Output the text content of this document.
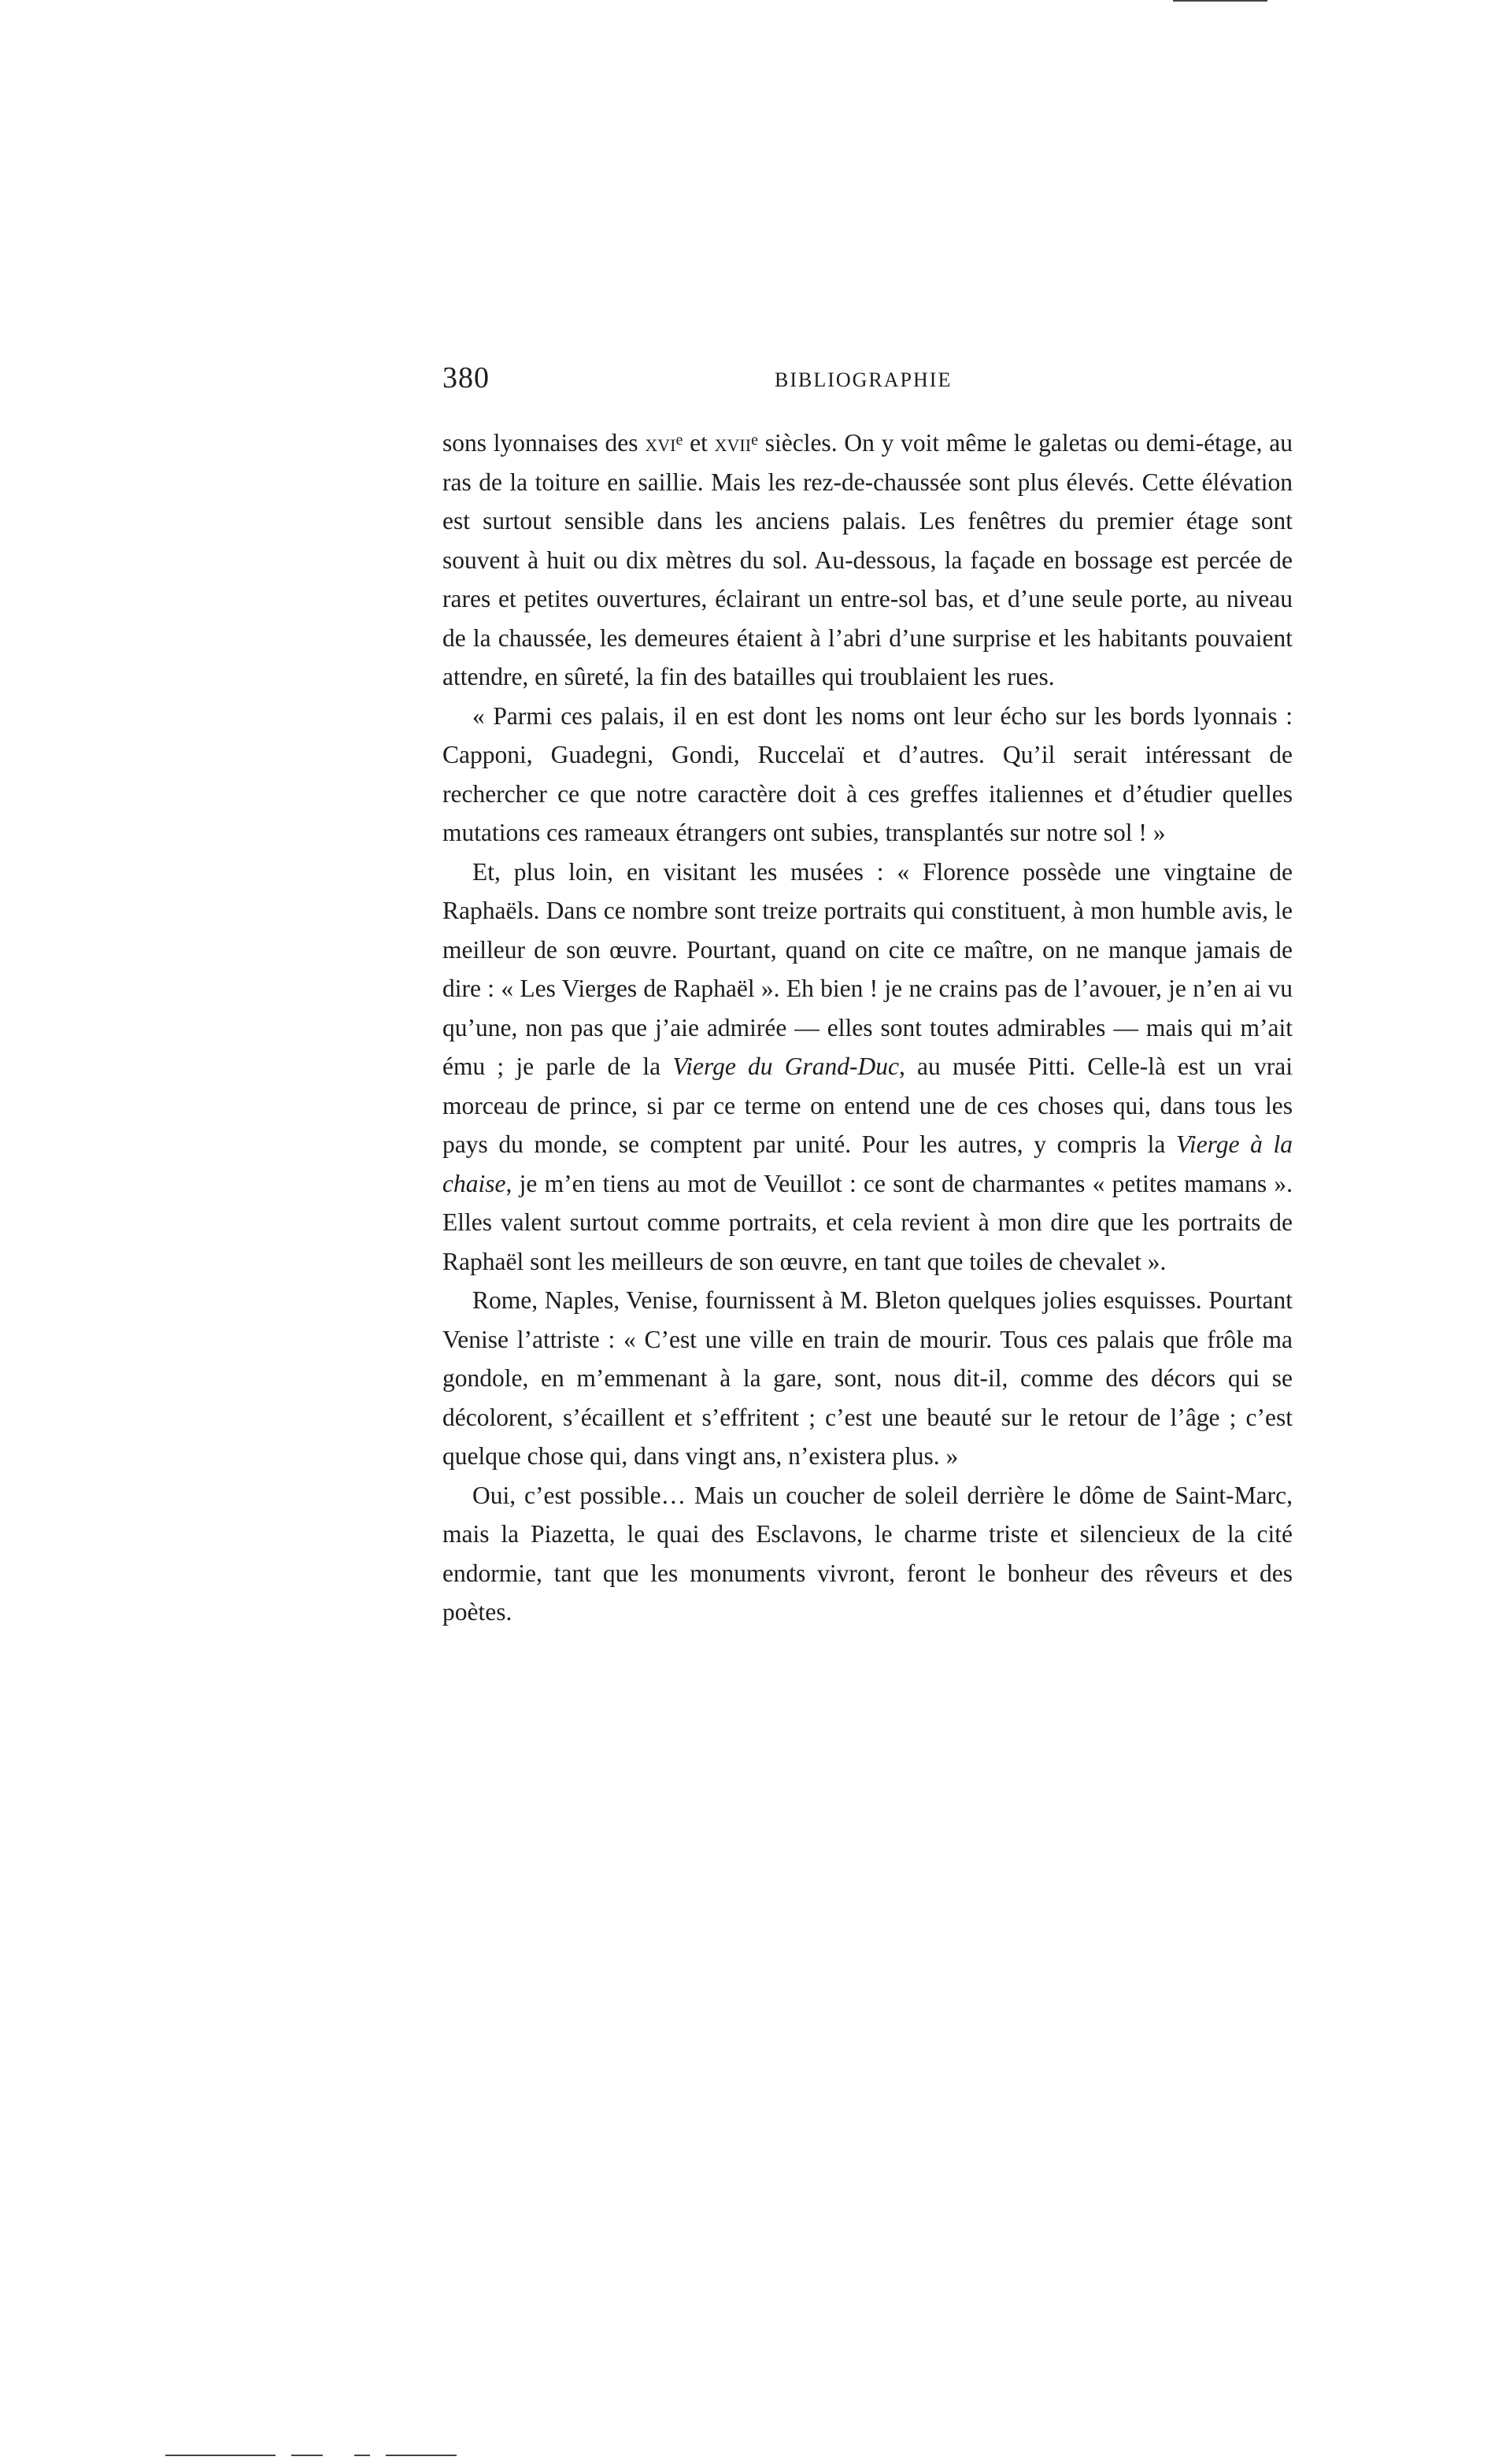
380	BIBLIOGRAPHIE

sons lyonnaises des xvi$^e$ et xvii$^e$ siècles. On y voit même le galetas ou demi-étage, au ras de la toiture en saillie. Mais les rez-de-chaussée sont plus élevés. Cette élévation est surtout sensible dans les anciens palais. Les fenêtres du premier étage sont souvent à huit ou dix mètres du sol. Au-dessous, la façade en bossage est percée de rares et petites ouvertures, éclairant un entre-sol bas, et d’une seule porte, au niveau de la chaussée, les demeures étaient à l’abri d’une surprise et les habitants pouvaient attendre, en sûreté, la fin des batailles qui troublaient les rues.

« Parmi ces palais, il en est dont les noms ont leur écho sur les bords lyonnais : Capponi, Guadegni, Gondi, Ruccelaï et d’autres. Qu’il serait intéressant de rechercher ce que notre caractère doit à ces greffes italiennes et d’étudier quelles mutations ces rameaux étrangers ont subies, transplantés sur notre sol ! »

Et, plus loin, en visitant les musées : « Florence possède une vingtaine de Raphaëls. Dans ce nombre sont treize portraits qui constituent, à mon humble avis, le meilleur de son œuvre. Pourtant, quand on cite ce maître, on ne manque jamais de dire : « Les Vierges de Raphaël ». Eh bien ! je ne crains pas de l’avouer, je n’en ai vu qu’une, non pas que j’aie admirée — elles sont toutes admirables — mais qui m’ait ému ; je parle de la Vierge du Grand-Duc, au musée Pitti. Celle-là est un vrai morceau de prince, si par ce terme on entend une de ces choses qui, dans tous les pays du monde, se comptent par unité. Pour les autres, y compris la Vierge à la chaise, je m’en tiens au mot de Veuillot : ce sont de charmantes « petites mamans ». Elles valent surtout comme portraits, et cela revient à mon dire que les portraits de Raphaël sont les meilleurs de son œuvre, en tant que toiles de chevalet ».

Rome, Naples, Venise, fournissent à M. Bleton quelques jolies esquisses. Pourtant Venise l’attriste : « C’est une ville en train de mourir. Tous ces palais que frôle ma gondole, en m’emmenant à la gare, sont, nous dit-il, comme des décors qui se décolorent, s’écaillent et s’effritent ; c’est une beauté sur le retour de l’âge ; c’est quelque chose qui, dans vingt ans, n’existera plus. »

Oui, c’est possible… Mais un coucher de soleil derrière le dôme de Saint-Marc, mais la Piazetta, le quai des Esclavons, le charme triste et silencieux de la cité endormie, tant que les monuments vivront, feront le bonheur des rêveurs et des poètes.
